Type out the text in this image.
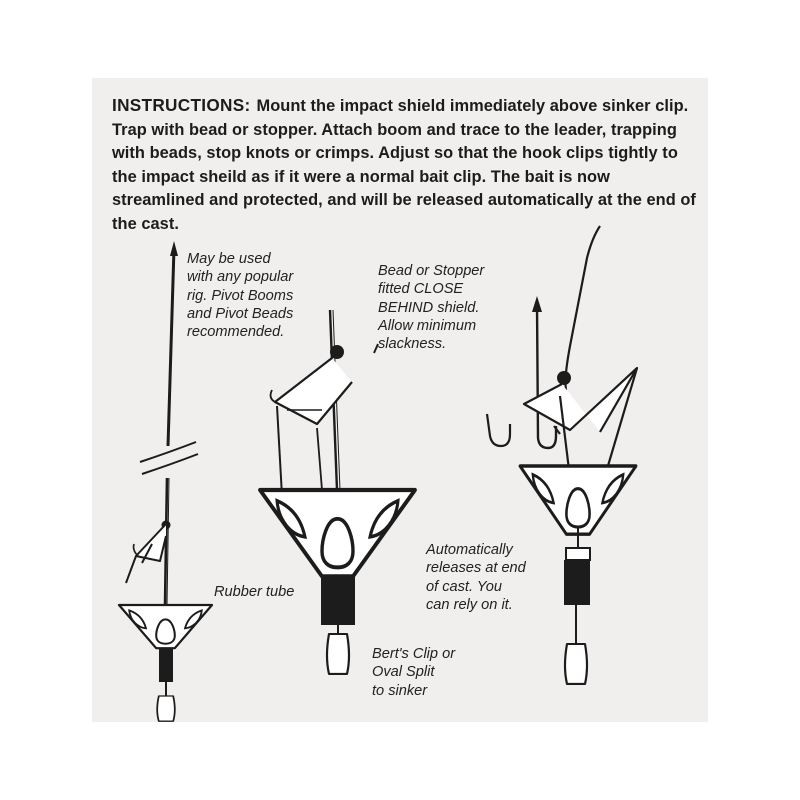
INSTRUCTIONS: Mount the impact shield immediately above sinker clip. Trap with bead or stopper. Attach boom and trace to the leader, trapping with beads, stop knots or crimps. Adjust so that the hook clips tightly to the impact sheild as if it were a normal bait clip. The bait is now streamlined and protected, and will be released automatically at the end of the cast.

May be used
with any popular
rig. Pivot Booms
and Pivot Beads
recommended.

Bead or Stopper
fitted CLOSE
BEHIND shield.
Allow minimum
slackness.

Rubber tube

Automatically
releases at end
of cast. You
can rely on it.

Bert's Clip or
Oval Split
to sinker
